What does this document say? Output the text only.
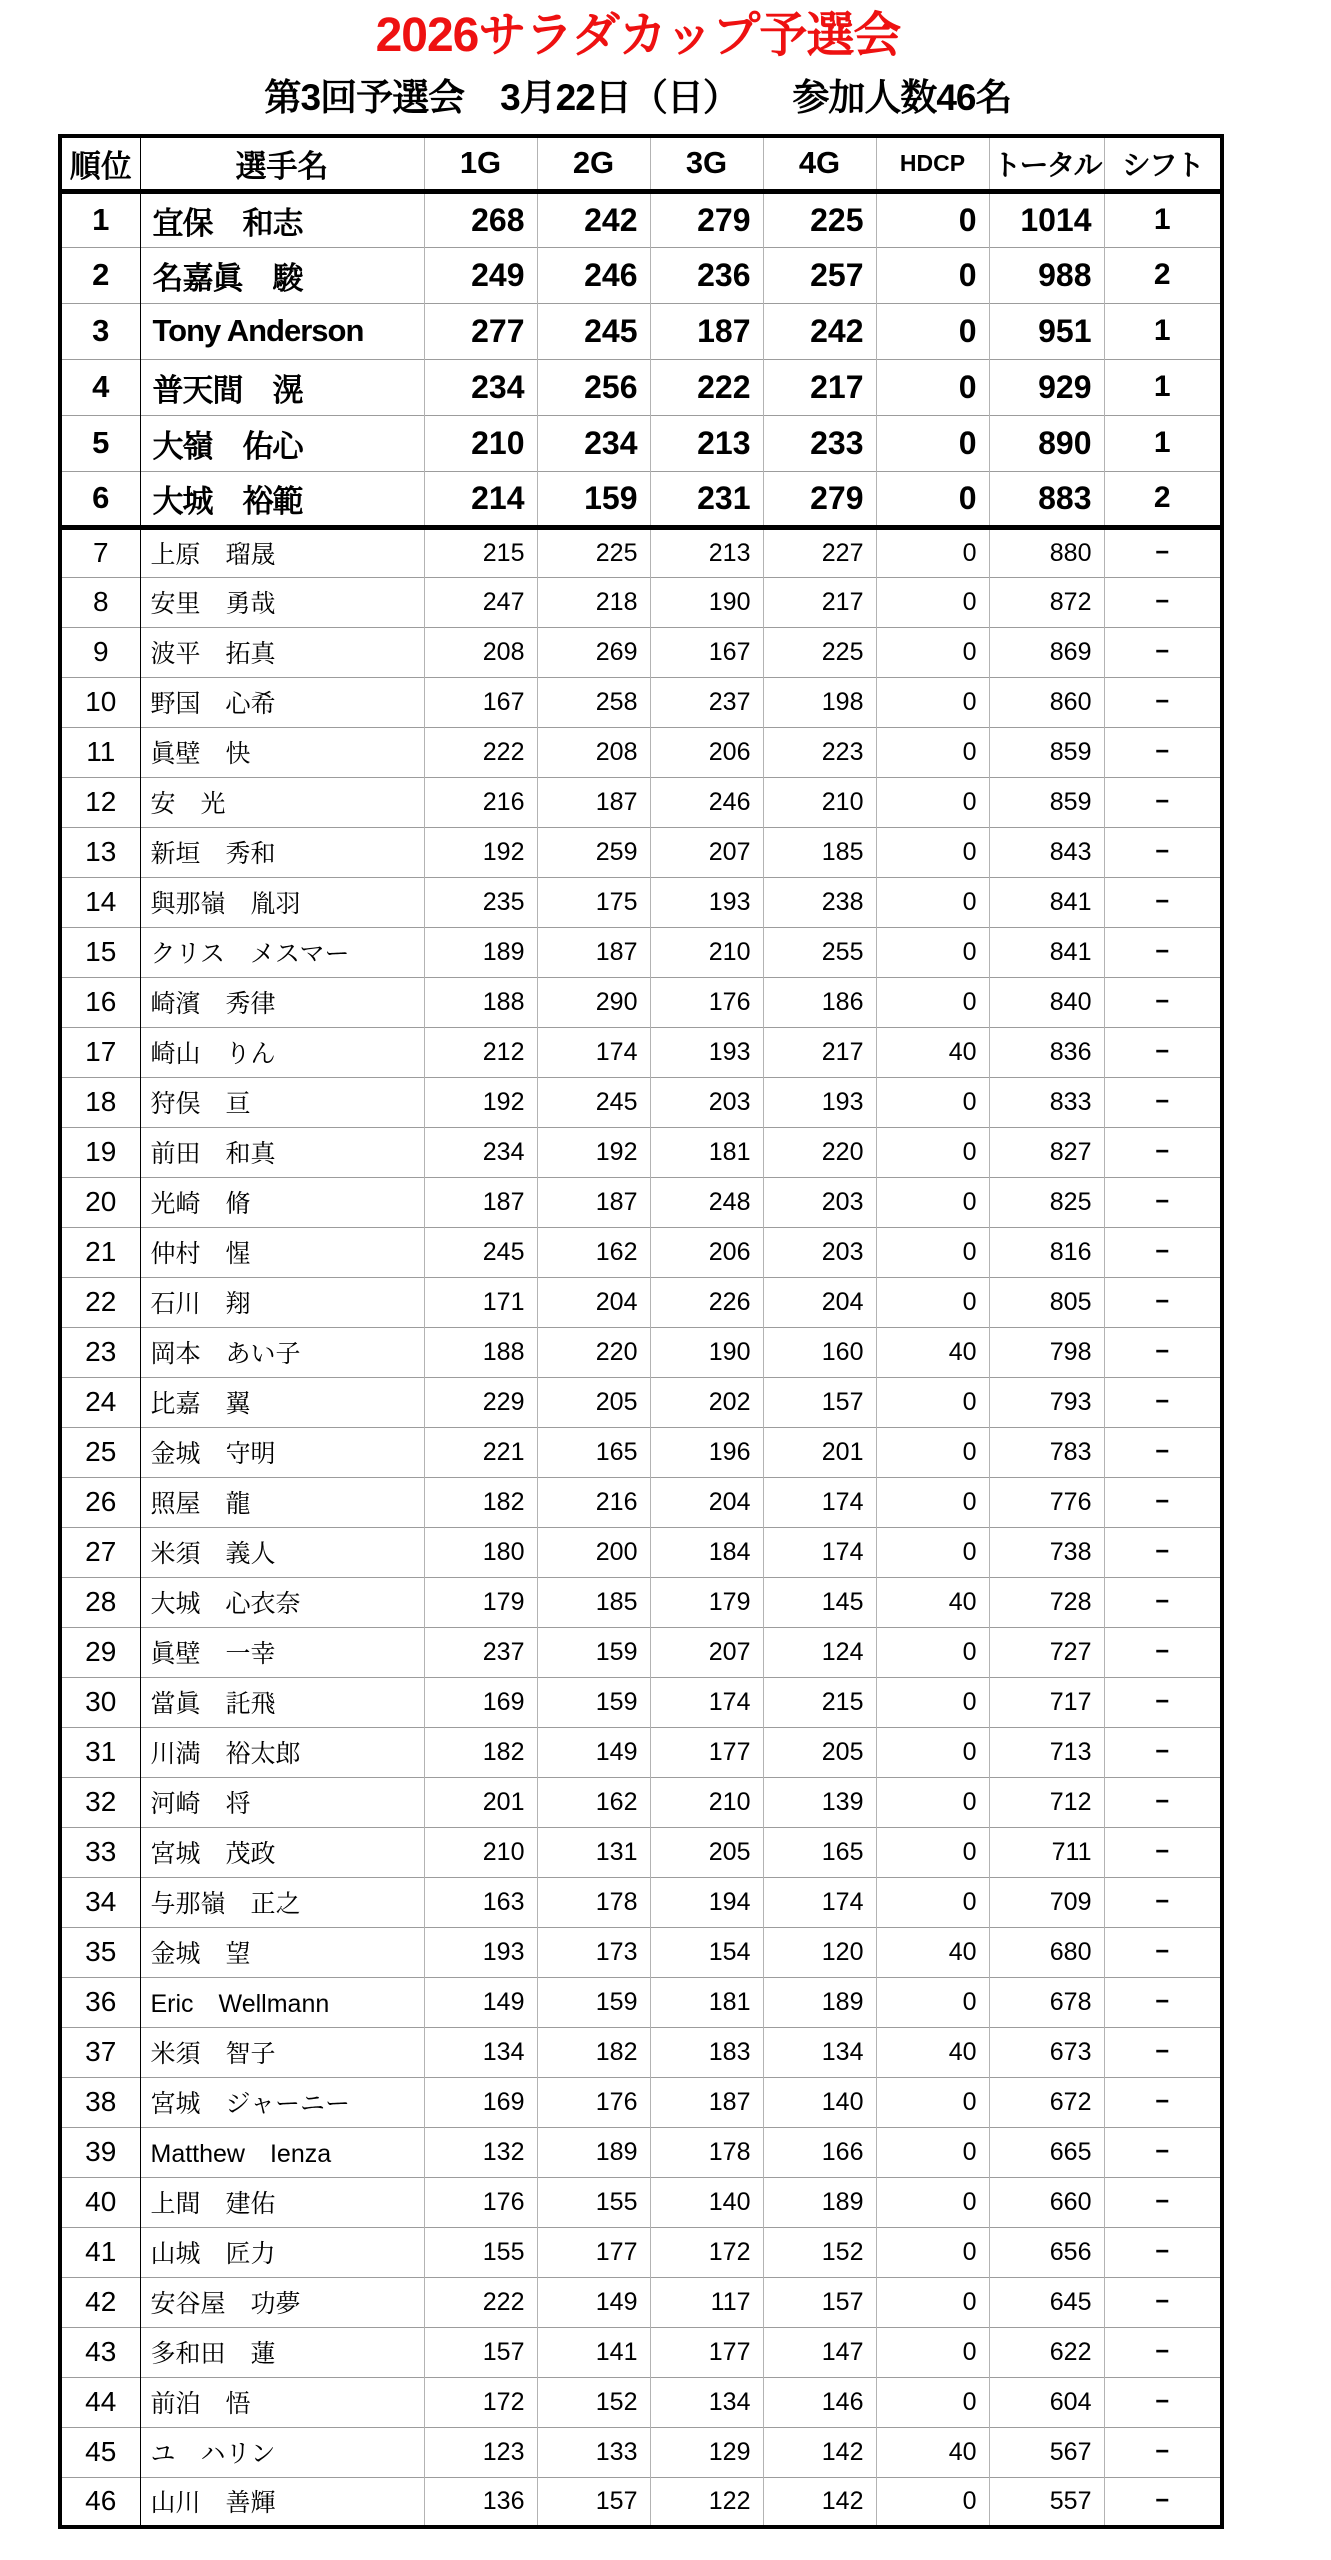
2026サラダカップ予選会
第3回予選会　3月22日（日）　　参加人数46名
順位	選手名	1G	2G	3G	4G	HDCP	トータル	シフト
1	宜保　和志	268	242	279	225	0	1014	1
2	名嘉眞　駿	249	246	236	257	0	988	2
3	Tony Anderson	277	245	187	242	0	951	1
4	普天間　滉	234	256	222	217	0	929	1
5	大嶺　佑心	210	234	213	233	0	890	1
6	大城　裕範	214	159	231	279	0	883	2
7	上原　瑠晟	215	225	213	227	0	880	−
8	安里　勇哉	247	218	190	217	0	872	−
9	波平　拓真	208	269	167	225	0	869	−
10	野国　心希	167	258	237	198	0	860	−
11	眞壁　快	222	208	206	223	0	859	−
12	安　光	216	187	246	210	0	859	−
13	新垣　秀和	192	259	207	185	0	843	−
14	與那嶺　胤羽	235	175	193	238	0	841	−
15	クリス　メスマー	189	187	210	255	0	841	−
16	崎濱　秀律	188	290	176	186	0	840	−
17	崎山　りん	212	174	193	217	40	836	−
18	狩俣　亘	192	245	203	193	0	833	−
19	前田　和真	234	192	181	220	0	827	−
20	光崎　脩	187	187	248	203	0	825	−
21	仲村　惺	245	162	206	203	0	816	−
22	石川　翔	171	204	226	204	0	805	−
23	岡本　あい子	188	220	190	160	40	798	−
24	比嘉　翼	229	205	202	157	0	793	−
25	金城　守明	221	165	196	201	0	783	−
26	照屋　龍	182	216	204	174	0	776	−
27	米須　義人	180	200	184	174	0	738	−
28	大城　心衣奈	179	185	179	145	40	728	−
29	眞壁　一幸	237	159	207	124	0	727	−
30	當眞　託飛	169	159	174	215	0	717	−
31	川満　裕太郎	182	149	177	205	0	713	−
32	河崎　将	201	162	210	139	0	712	−
33	宮城　茂政	210	131	205	165	0	711	−
34	与那嶺　正之	163	178	194	174	0	709	−
35	金城　望	193	173	154	120	40	680	−
36	Eric　Wellmann	149	159	181	189	0	678	−
37	米須　智子	134	182	183	134	40	673	−
38	宮城　ジャーニー	169	176	187	140	0	672	−
39	Matthew　Ienza	132	189	178	166	0	665	−
40	上間　建佑	176	155	140	189	0	660	−
41	山城　匠力	155	177	172	152	0	656	−
42	安谷屋　功夢	222	149	117	157	0	645	−
43	多和田　蓮	157	141	177	147	0	622	−
44	前泊　悟	172	152	134	146	0	604	−
45	ユ　ハリン	123	133	129	142	40	567	−
46	山川　善輝	136	157	122	142	0	557	−
